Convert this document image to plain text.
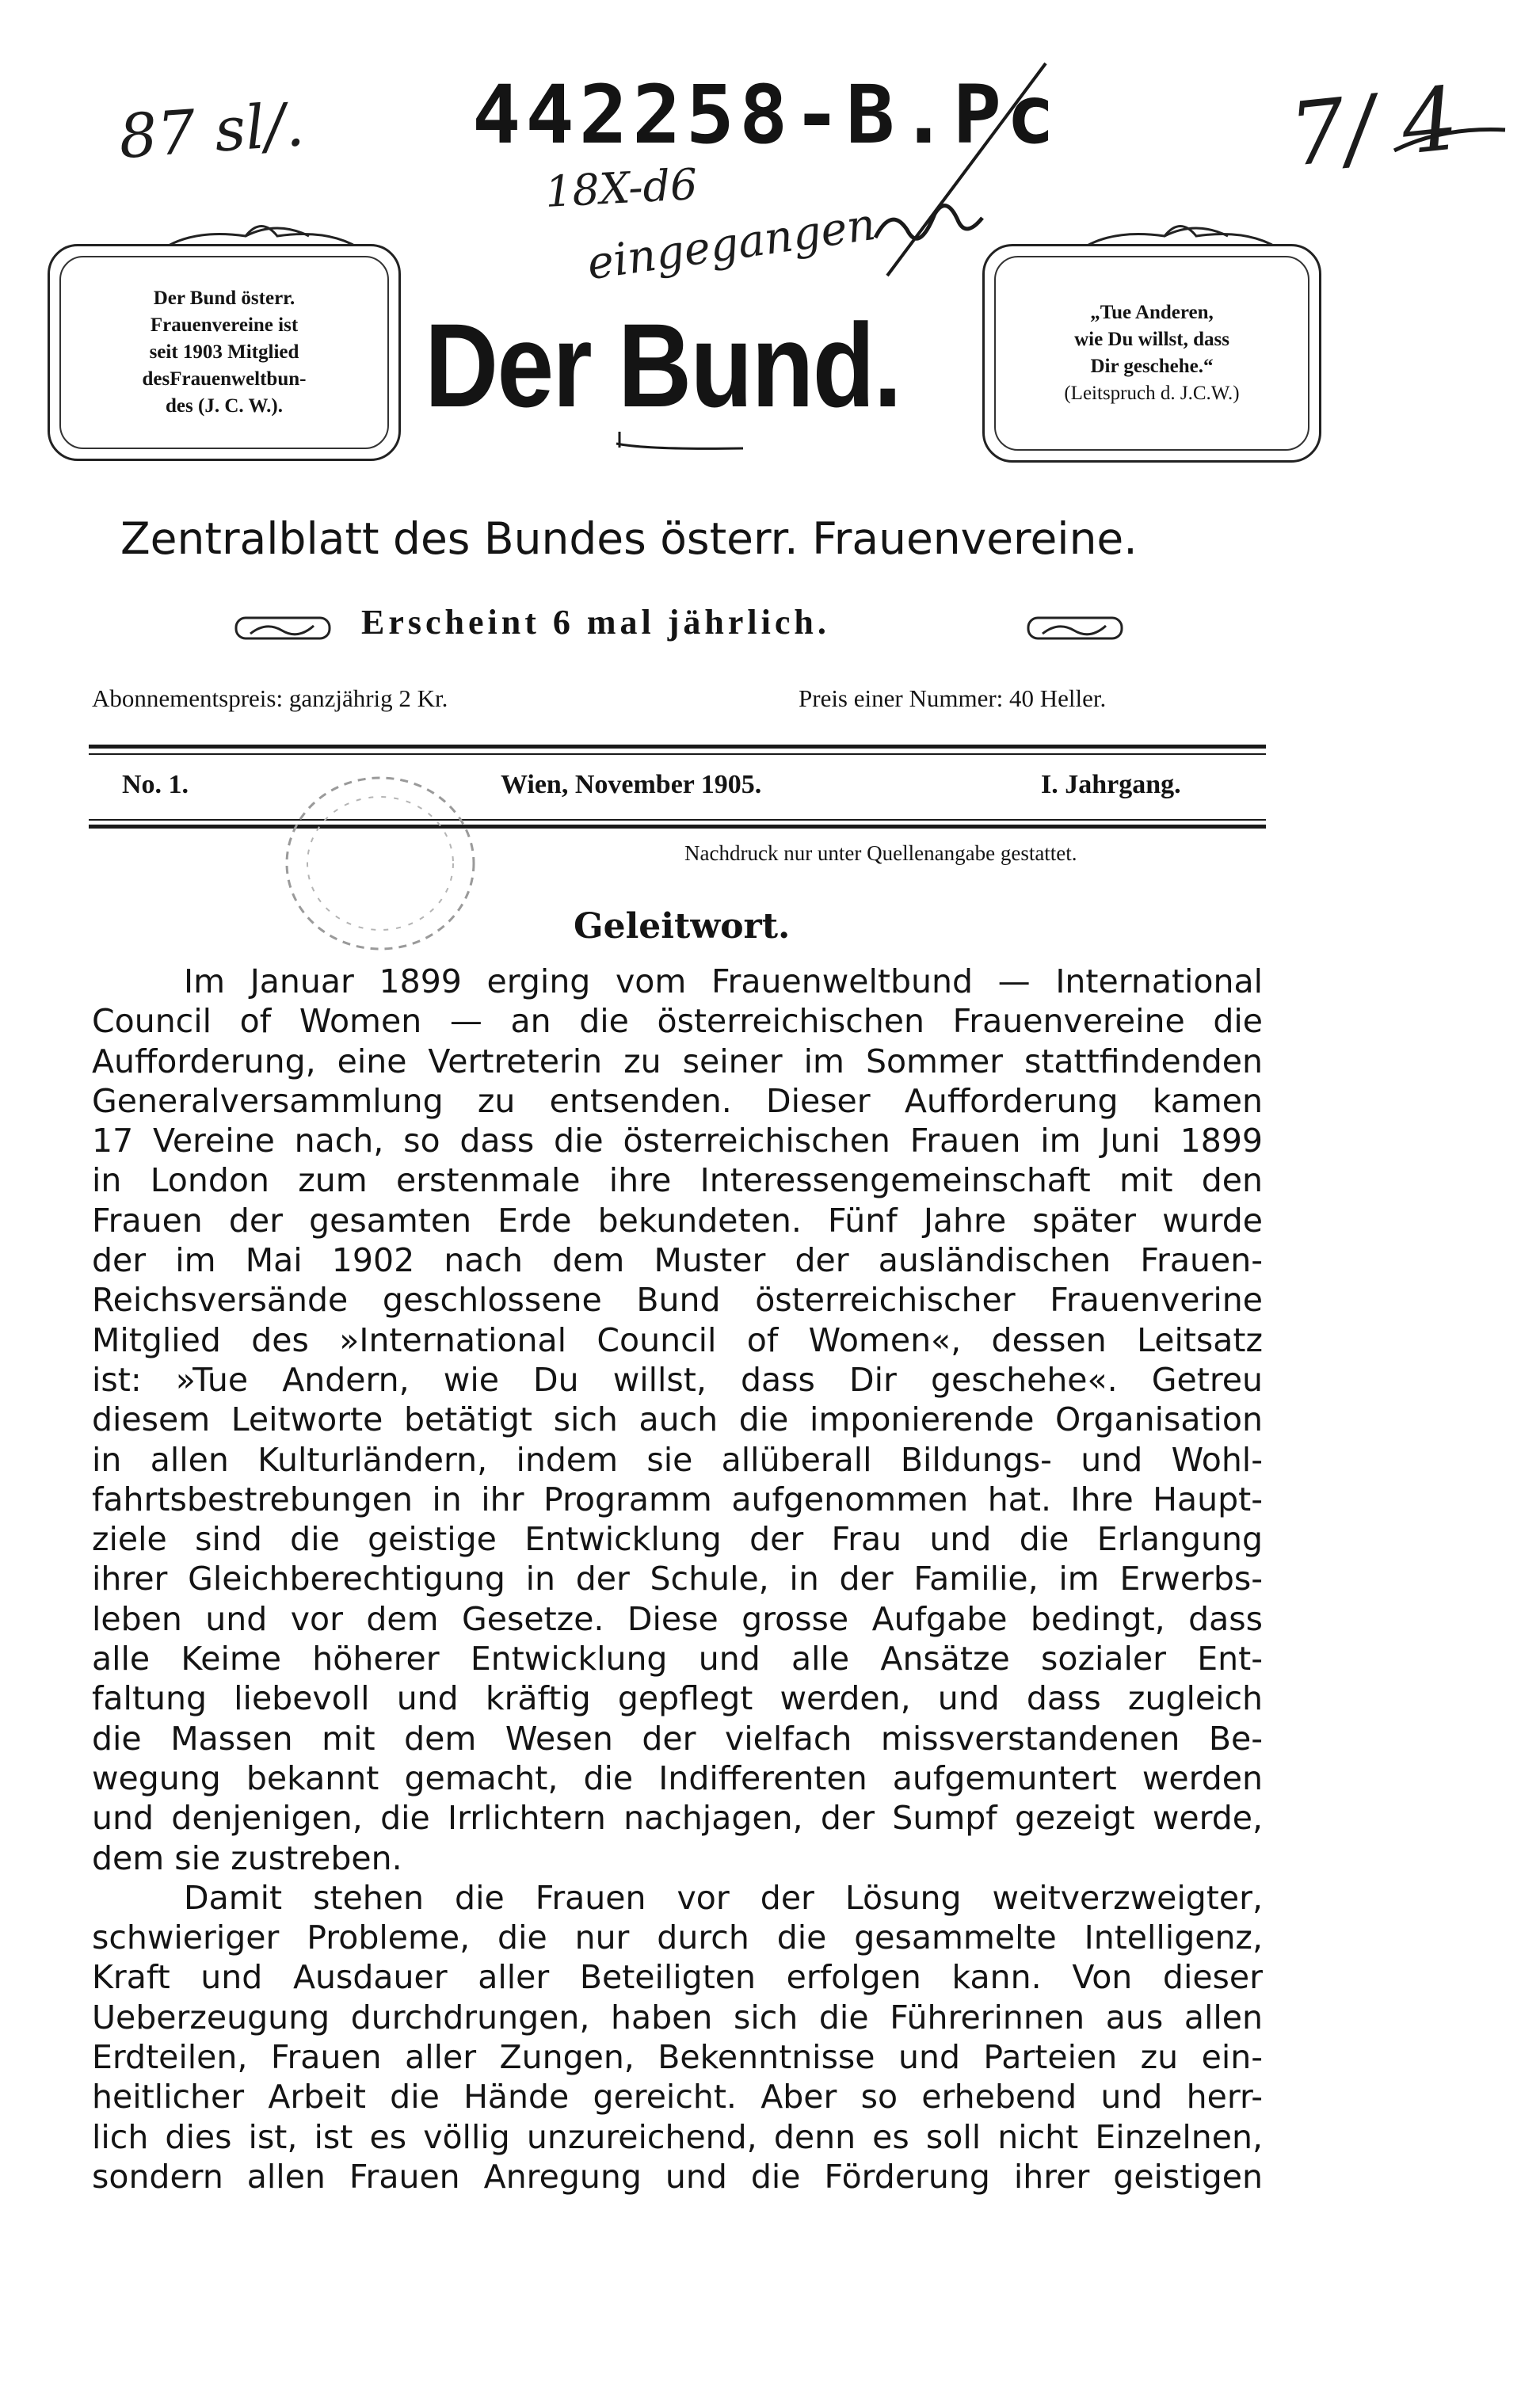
87 sl/. 442258-B.Pc
18X-d6
eingegangen
7/ 4
Der Bund österr.
Frauenvereine ist
seit 1903 Mitglied
desFrauenweltbun-
des (J. C. W.). Der Bund.	„Tue Anderen,
wie Du willst, dass
Dir geschehe.“
(Leitspruch d. J.C.W.)
Zentralblatt des Bundes österr. Frauenvereine.
Erscheint 6 mal jährlich.
Abonnementspreis: ganzjährig 2 Kr.	Preis einer Nummer: 40 Heller.
No. 1.	Wien, November 1905.	I. Jahrgang.
Nachdruck nur unter Quellenangabe gestattet.
Geleitwort.
Im Januar 1899 erging vom Frauenweltbund — International
Council of Women — an die österreichischen Frauenvereine die
Aufforderung, eine Vertreterin zu seiner im Sommer stattfindenden
Generalversammlung zu entsenden. Dieser Aufforderung kamen
17 Vereine nach, so dass die österreichischen Frauen im Juni 1899
in London zum erstenmale ihre Interessengemeinschaft mit den
Frauen der gesamten Erde bekundeten. Fünf Jahre später wurde
der im Mai 1902 nach dem Muster der ausländischen Frauen-
Reichsversände geschlossene Bund österreichischer Frauenverine
Mitglied des »International Council of Women«, dessen Leitsatz
ist: »Tue Andern, wie Du willst, dass Dir geschehe«. Getreu
diesem Leitworte betätigt sich auch die imponierende Organisation
in allen Kulturländern, indem sie allüberall Bildungs- und Wohl-
fahrtsbestrebungen in ihr Programm aufgenommen hat. Ihre Haupt-
ziele sind die geistige Entwicklung der Frau und die Erlangung
ihrer Gleichberechtigung in der Schule, in der Familie, im Erwerbs-
leben und vor dem Gesetze. Diese grosse Aufgabe bedingt, dass
alle Keime höherer Entwicklung und alle Ansätze sozialer Ent-
faltung liebevoll und kräftig gepflegt werden, und dass zugleich
die Massen mit dem Wesen der vielfach missverstandenen Be-
wegung bekannt gemacht, die Indifferenten aufgemuntert werden
und denjenigen, die Irrlichtern nachjagen, der Sumpf gezeigt werde,
dem sie zustreben.
Damit stehen die Frauen vor der Lösung weitverzweigter,
schwieriger Probleme, die nur durch die gesammelte Intelligenz,
Kraft und Ausdauer aller Beteiligten erfolgen kann. Von dieser
Ueberzeugung durchdrungen, haben sich die Führerinnen aus allen
Erdteilen, Frauen aller Zungen, Bekenntnisse und Parteien zu ein-
heitlicher Arbeit die Hände gereicht. Aber so erhebend und herr-
lich dies ist, ist es völlig unzureichend, denn es soll nicht Einzelnen,
sondern allen Frauen Anregung und die Förderung ihrer geistigen
